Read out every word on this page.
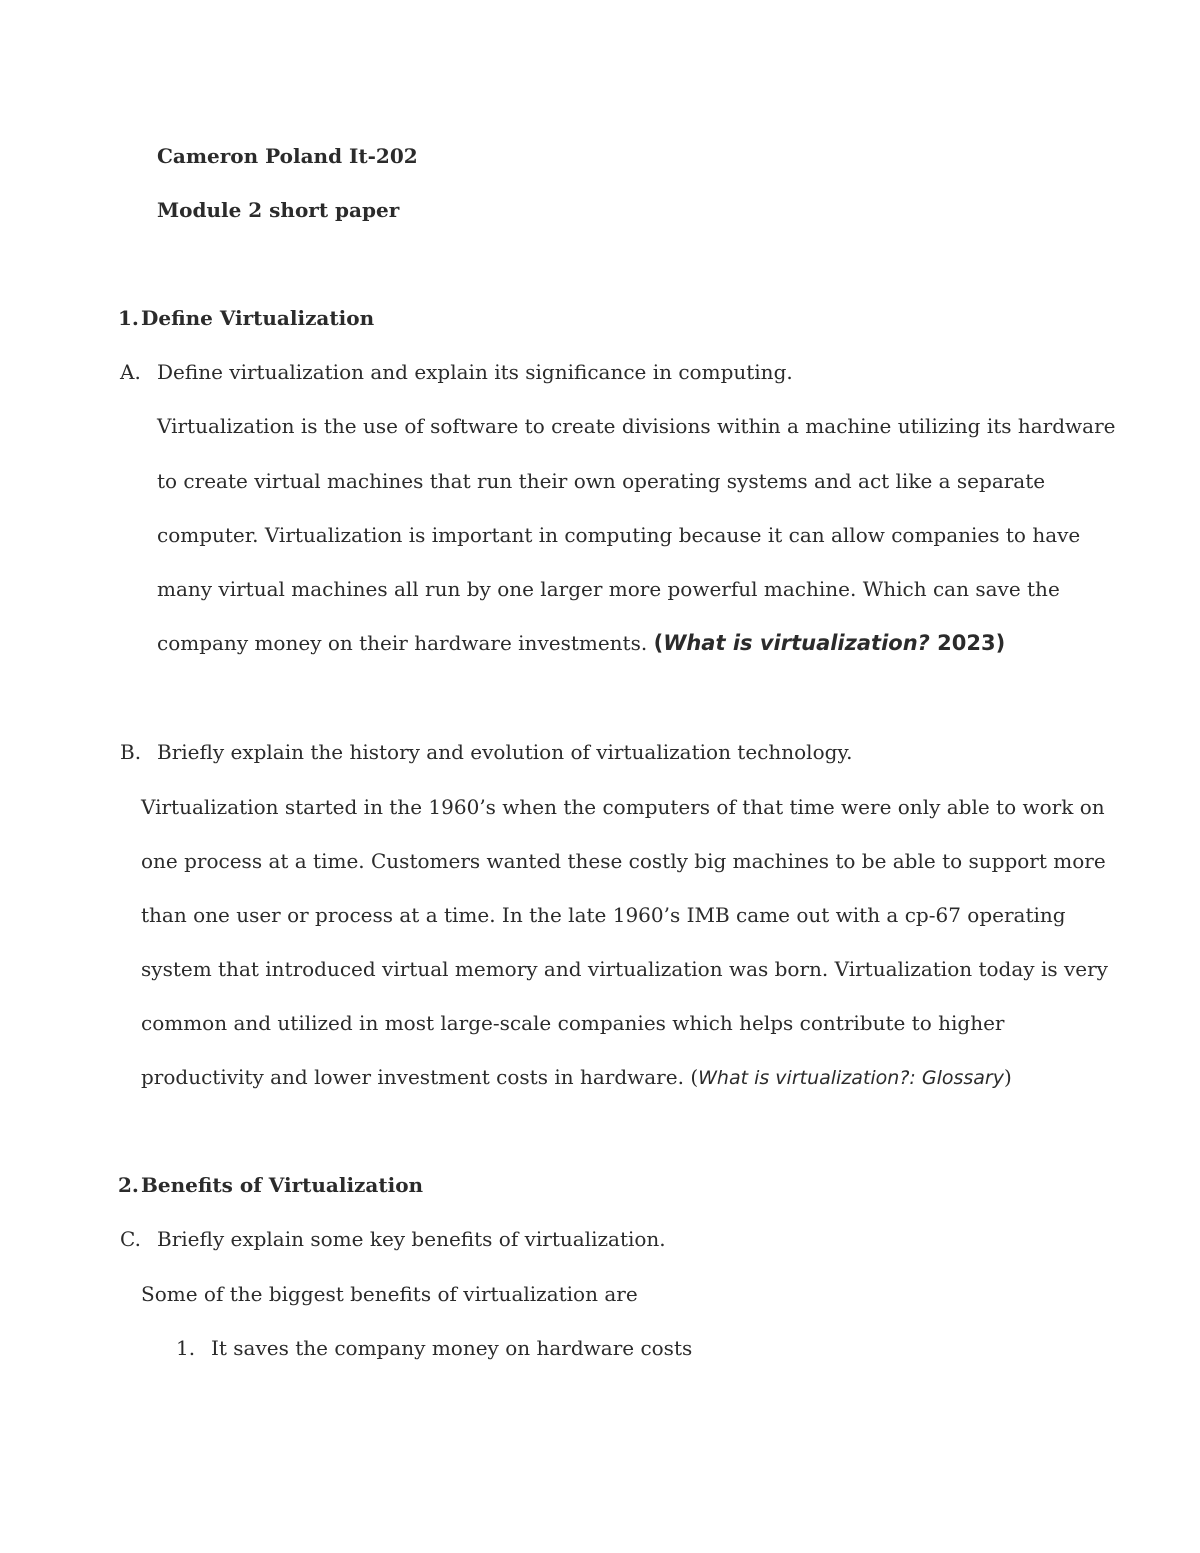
Cameron Poland It-202
Module 2 short paper
1. Define Virtualization
A. Define virtualization and explain its significance in computing.
Virtualization is the use of software to create divisions within a machine utilizing its hardware
to create virtual machines that run their own operating systems and act like a separate
computer. Virtualization is important in computing because it can allow companies to have
many virtual machines all run by one larger more powerful machine. Which can save the
company money on their hardware investments. (What is virtualization? 2023)
B. Briefly explain the history and evolution of virtualization technology.
Virtualization started in the 1960’s when the computers of that time were only able to work on
one process at a time. Customers wanted these costly big machines to be able to support more
than one user or process at a time. In the late 1960’s IMB came out with a cp-67 operating
system that introduced virtual memory and virtualization was born. Virtualization today is very
common and utilized in most large-scale companies which helps contribute to higher
productivity and lower investment costs in hardware. (What is virtualization?: Glossary)
2. Benefits of Virtualization
C. Briefly explain some key benefits of virtualization.
Some of the biggest benefits of virtualization are
1. It saves the company money on hardware costs
